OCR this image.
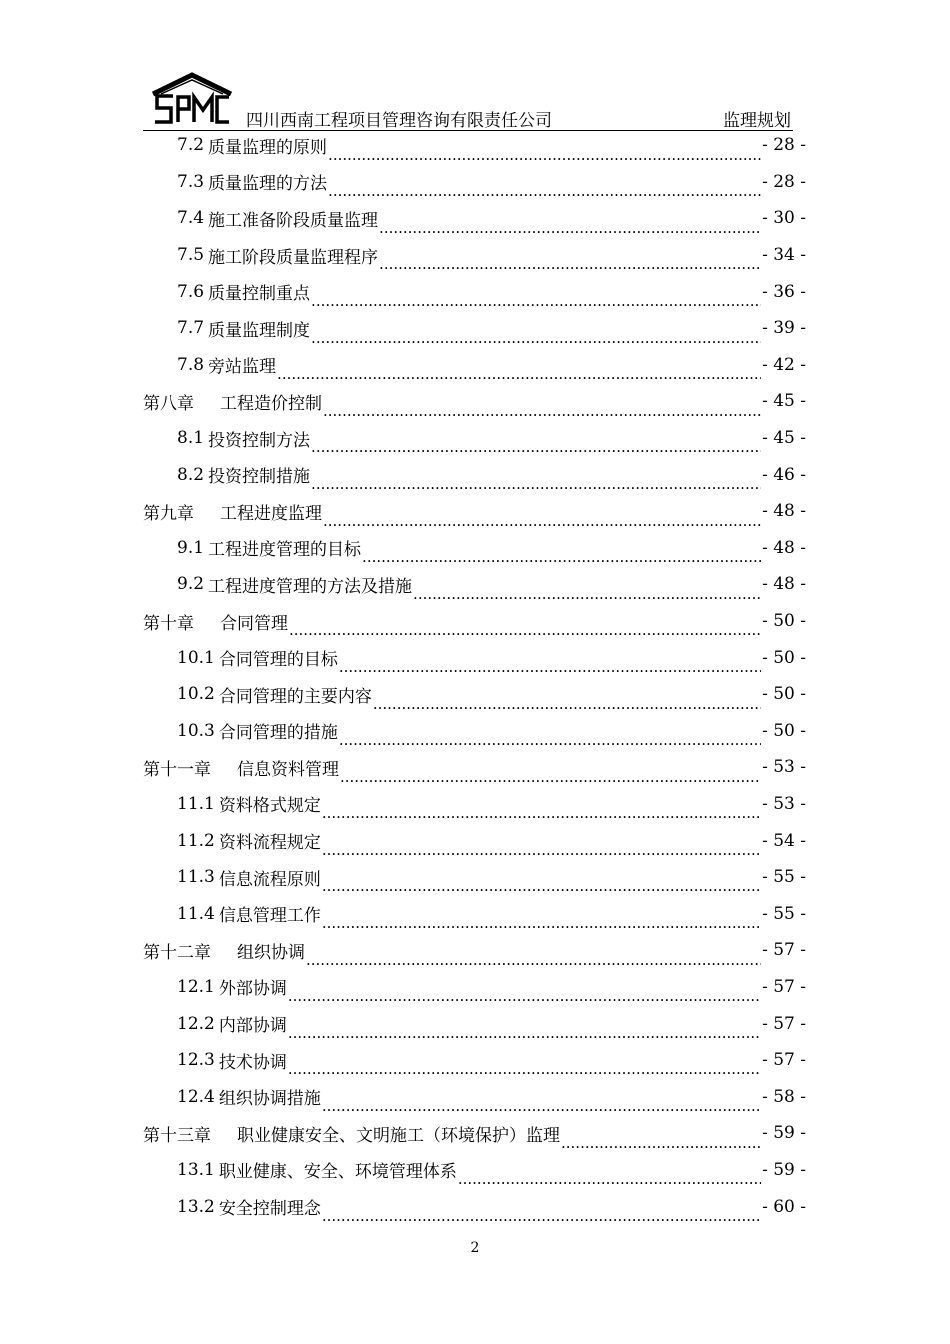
四川西南工程项目管理咨询有限责任公司	监理规划
7.2 质量监理的原则 .....	- 28 -
7.3 质量监理的方法 .....	- 28 -
7.4 施工准备阶段质量监理 .....	- 30 -
7.5 施工阶段质量监理程序 .....	- 34 -
7.6 质量控制重点 .....	- 36 -
7.7 质量监理制度 .....	- 39 -
7.8 旁站监理 .....	- 42 -
第八章 工程造价控制 .....	- 45 -
8.1 投资控制方法 .....	- 45 -
8.2 投资控制措施 .....	- 46 -
第九章 工程进度监理 .....	- 48 -
9.1 工程进度管理的目标 .....	- 48 -
9.2 工程进度管理的方法及措施 .....	- 48 -
第十章 合同管理 .....	- 50 -
10.1 合同管理的目标 .....	- 50 -
10.2 合同管理的主要内容 .....	- 50 -
10.3 合同管理的措施 .....	- 50 -
第十一章 信息资料管理 .....	- 53 -
11.1 资料格式规定 .....	- 53 -
11.2 资料流程规定 .....	- 54 -
11.3 信息流程原则 .....	- 55 -
11.4 信息管理工作 .....	- 55 -
第十二章 组织协调 .....	- 57 -
12.1 外部协调 .....	- 57 -
12.2 内部协调 .....	- 57 -
12.3 技术协调 .....	- 57 -
12.4 组织协调措施 .....	- 58 -
第十三章 职业健康安全、文明施工（环境保护）监理 .....	- 59 -
13.1 职业健康、安全、环境管理体系 .....	- 59 -
13.2 安全控制理念 .....	- 60 -
2
